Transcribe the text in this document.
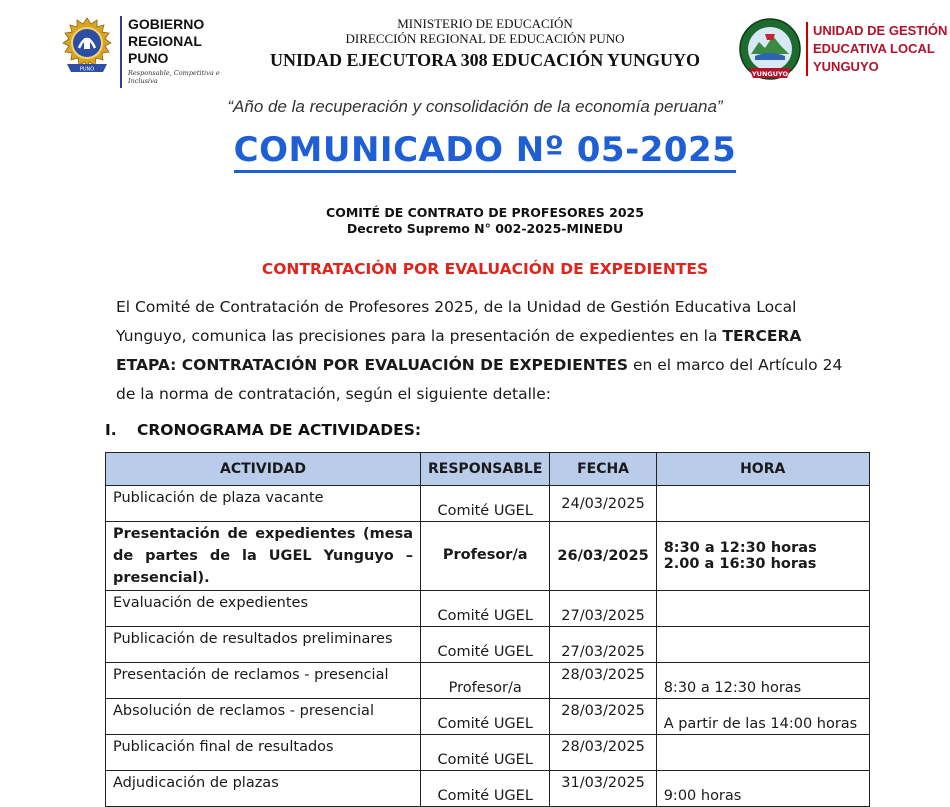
PUNO
GOBIERNO
REGIONAL
PUNO
Responsable, Competitiva e Inclusiva
MINISTERIO DE EDUCACIÓN
DIRECCIÓN REGIONAL DE EDUCACIÓN PUNO
UNIDAD EJECUTORA 308 EDUCACIÓN YUNGUYO
YUNGUYO
UNIDAD DE GESTIÓN
EDUCATIVA LOCAL
YUNGUYO
“Año de la recuperación y consolidación de la economía peruana”
COMUNICADO Nº 05-2025
COMITÉ DE CONTRATO DE PROFESORES 2025
Decreto Supremo N° 002-2025-MINEDU
CONTRATACIÓN POR EVALUACIÓN DE EXPEDIENTES
El Comité de Contratación de Profesores 2025, de la Unidad de Gestión Educativa Local Yunguyo, comunica las precisiones para la presentación de expedientes en la TERCERA ETAPA: CONTRATACIÓN POR EVALUACIÓN DE EXPEDIENTES en el marco del Artículo 24 de la norma de contratación, según el siguiente detalle:
I. CRONOGRAMA DE ACTIVIDADES:
ACTIVIDAD	RESPONSABLE	FECHA	HORA
Publicación de plaza vacante	Comité UGEL	24/03/2025	
Presentación de expedientes (mesa de partes de la UGEL Yunguyo – presencial).	Profesor/a	26/03/2025	8:30 a 12:30 horas
2.00 a 16:30 horas

Evaluación de expedientes	Comité UGEL	27/03/2025	
Publicación de resultados preliminares	Comité UGEL	27/03/2025	
Presentación de reclamos - presencial	Profesor/a	28/03/2025	8:30 a 12:30 horas
Absolución de reclamos - presencial	Comité UGEL	28/03/2025	A partir de las 14:00 horas
Publicación final de resultados	Comité UGEL	28/03/2025	
Adjudicación de plazas	Comité UGEL	31/03/2025	9:00 horas
